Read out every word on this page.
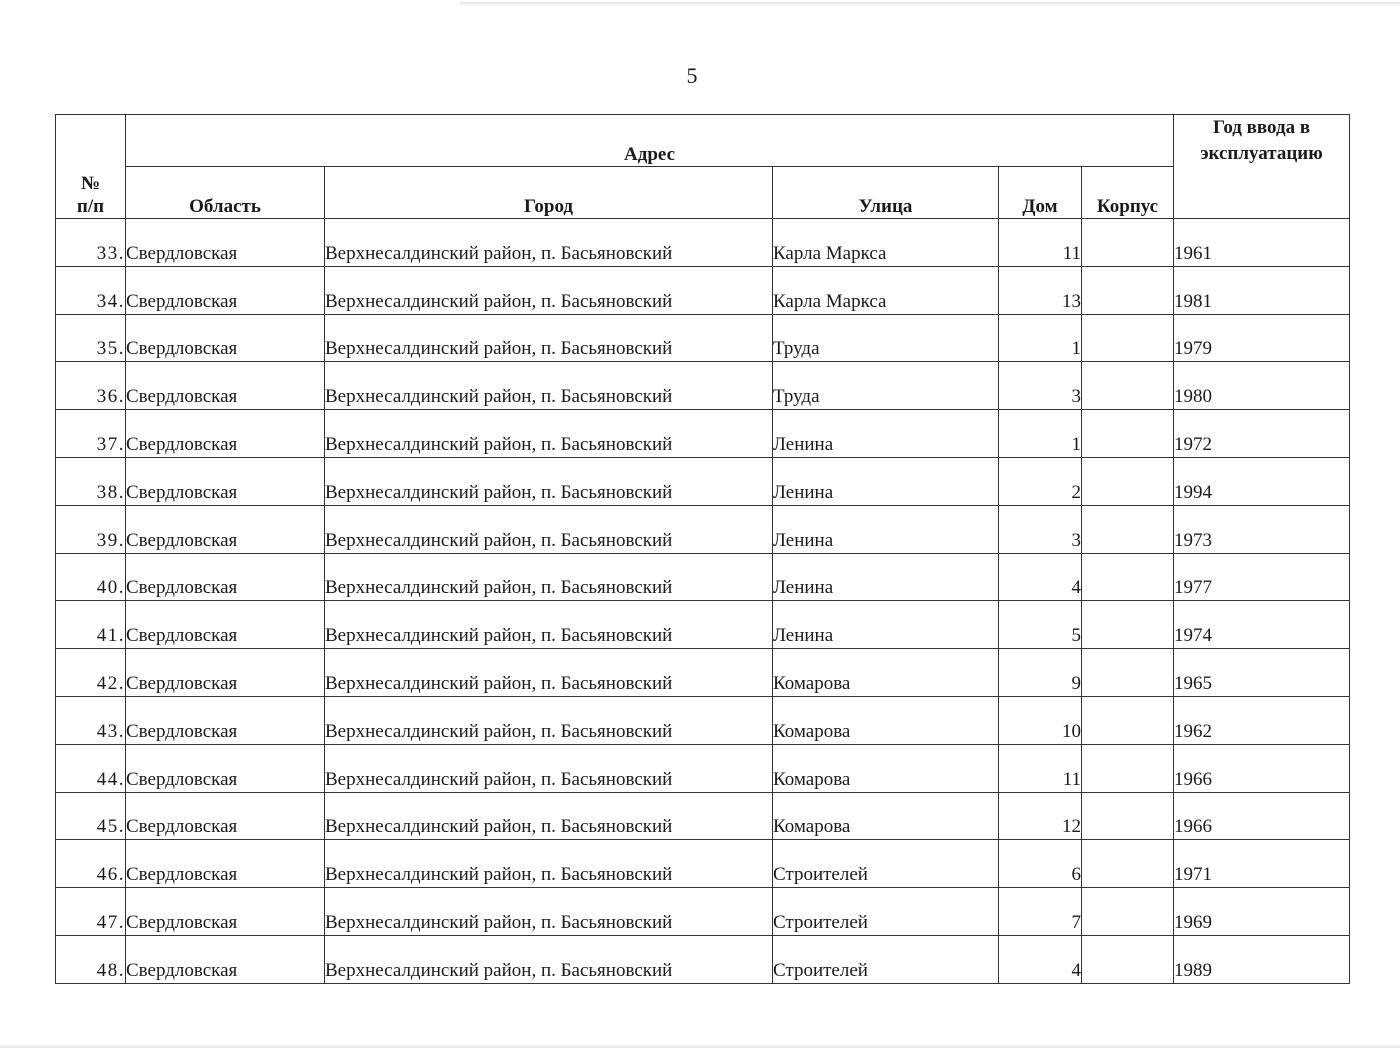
5
№
п/п	Адрес					Год ввода в
эксплуатацию
	Область	Город	Улица	Дом	Корпус	
33.	Свердловская	Верхнесалдинский район, п. Басьяновский	Карла Маркса	11		1961
34.	Свердловская	Верхнесалдинский район, п. Басьяновский	Карла Маркса	13		1981
35.	Свердловская	Верхнесалдинский район, п. Басьяновский	Труда	1		1979
36.	Свердловская	Верхнесалдинский район, п. Басьяновский	Труда	3		1980
37.	Свердловская	Верхнесалдинский район, п. Басьяновский	Ленина	1		1972
38.	Свердловская	Верхнесалдинский район, п. Басьяновский	Ленина	2		1994
39.	Свердловская	Верхнесалдинский район, п. Басьяновский	Ленина	3		1973
40.	Свердловская	Верхнесалдинский район, п. Басьяновский	Ленина	4		1977
41.	Свердловская	Верхнесалдинский район, п. Басьяновский	Ленина	5		1974
42.	Свердловская	Верхнесалдинский район, п. Басьяновский	Комарова	9		1965
43.	Свердловская	Верхнесалдинский район, п. Басьяновский	Комарова	10		1962
44.	Свердловская	Верхнесалдинский район, п. Басьяновский	Комарова	11		1966
45.	Свердловская	Верхнесалдинский район, п. Басьяновский	Комарова	12		1966
46.	Свердловская	Верхнесалдинский район, п. Басьяновский	Строителей	6		1971
47.	Свердловская	Верхнесалдинский район, п. Басьяновский	Строителей	7		1969
48.	Свердловская	Верхнесалдинский район, п. Басьяновский	Строителей	4		1989
